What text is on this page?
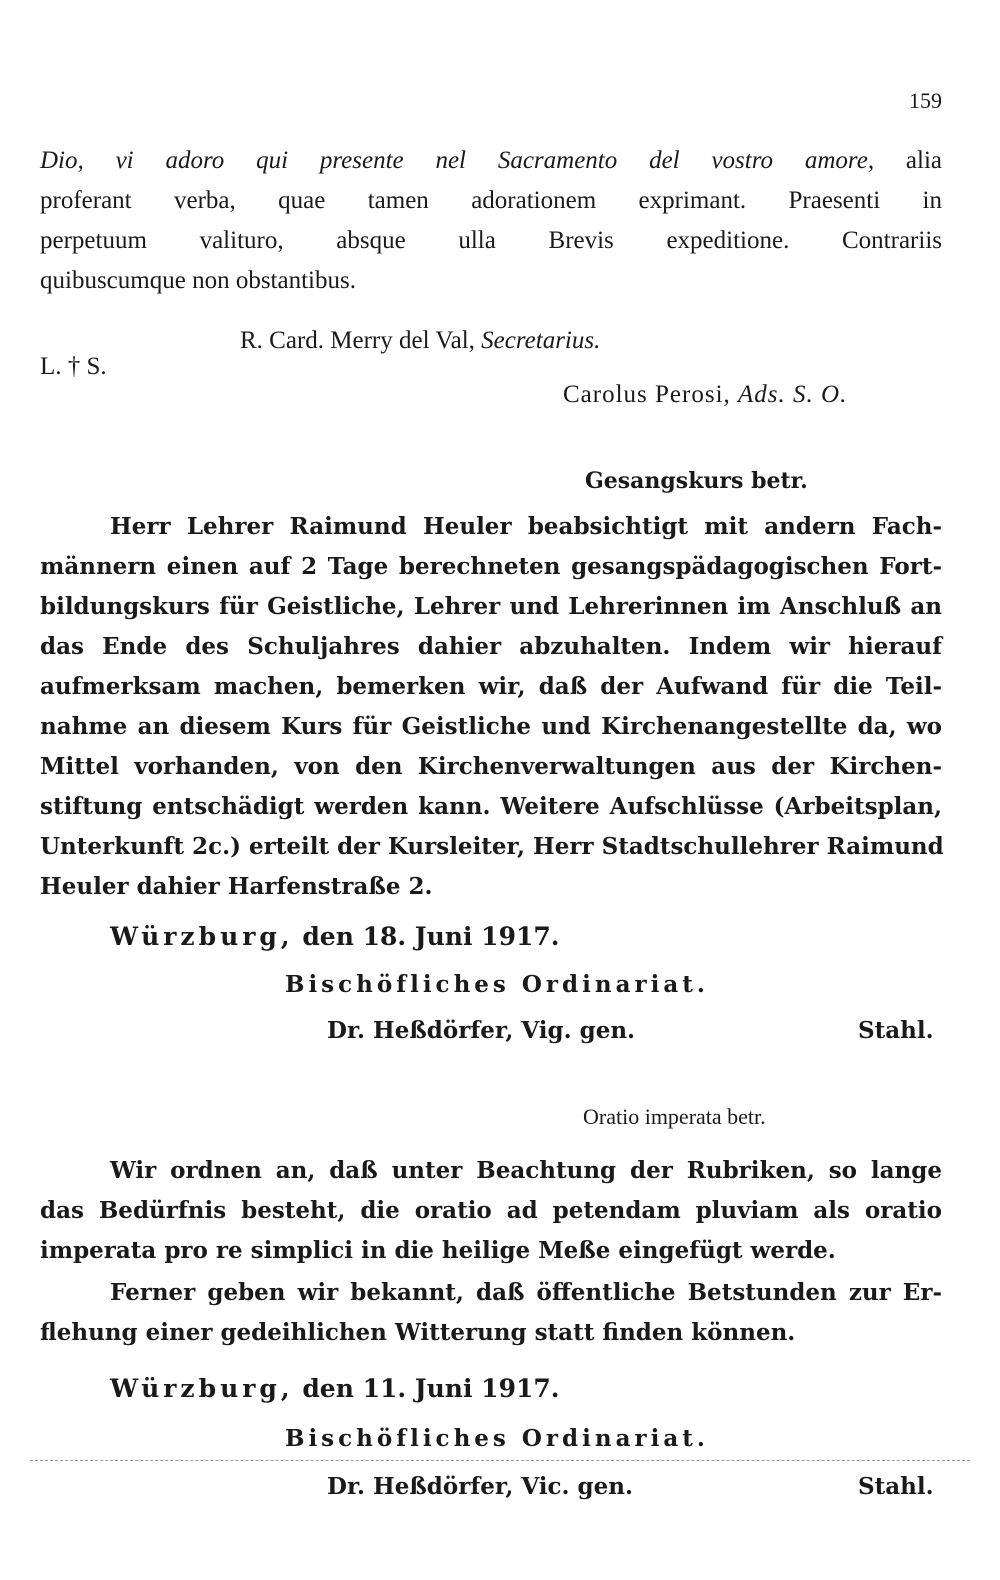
159
Dio, vi adoro qui presente nel Sacramento del vostro amore, alia
proferant verba, quae tamen adorationem exprimant. Praesenti in
perpetuum valituro, absque ulla Brevis expeditione. Contrariis
quibuscumque non obstantibus.
L. † S.
R. Card. Merry del Val, Secretarius.
Carolus Perosi, Ads. S. O.
Gesangskurs betr.
Herr Lehrer Raimund Heuler beabsichtigt mit andern Fach-
männern einen auf 2 Tage berechneten gesangspädagogischen Fort-
bildungskurs für Geistliche, Lehrer und Lehrerinnen im Anschluß an
das Ende des Schuljahres dahier abzuhalten. Indem wir hierauf
aufmerksam machen, bemerken wir, daß der Aufwand für die Teil-
nahme an diesem Kurs für Geistliche und Kirchenangestellte da, wo
Mittel vorhanden, von den Kirchenverwaltungen aus der Kirchen-
stiftung entschädigt werden kann. Weitere Aufschlüsse (Arbeitsplan,
Unterkunft 2c.) erteilt der Kursleiter, Herr Stadtschullehrer Raimund
Heuler dahier Harfenstraße 2.
Würzburg, den 18. Juni 1917.
Bischöfliches Ordinariat.
Dr. Heßdörfer, Vig. gen.	Stahl.
Oratio imperata betr.
Wir ordnen an, daß unter Beachtung der Rubriken, so lange
das Bedürfnis besteht, die oratio ad petendam pluviam als oratio
imperata pro re simplici in die heilige Meße eingefügt werde.
Ferner geben wir bekannt, daß öffentliche Betstunden zur Er-
flehung einer gedeihlichen Witterung statt finden können.
Würzburg, den 11. Juni 1917.
Bischöfliches Ordinariat.
Dr. Heßdörfer, Vic. gen.	Stahl.
